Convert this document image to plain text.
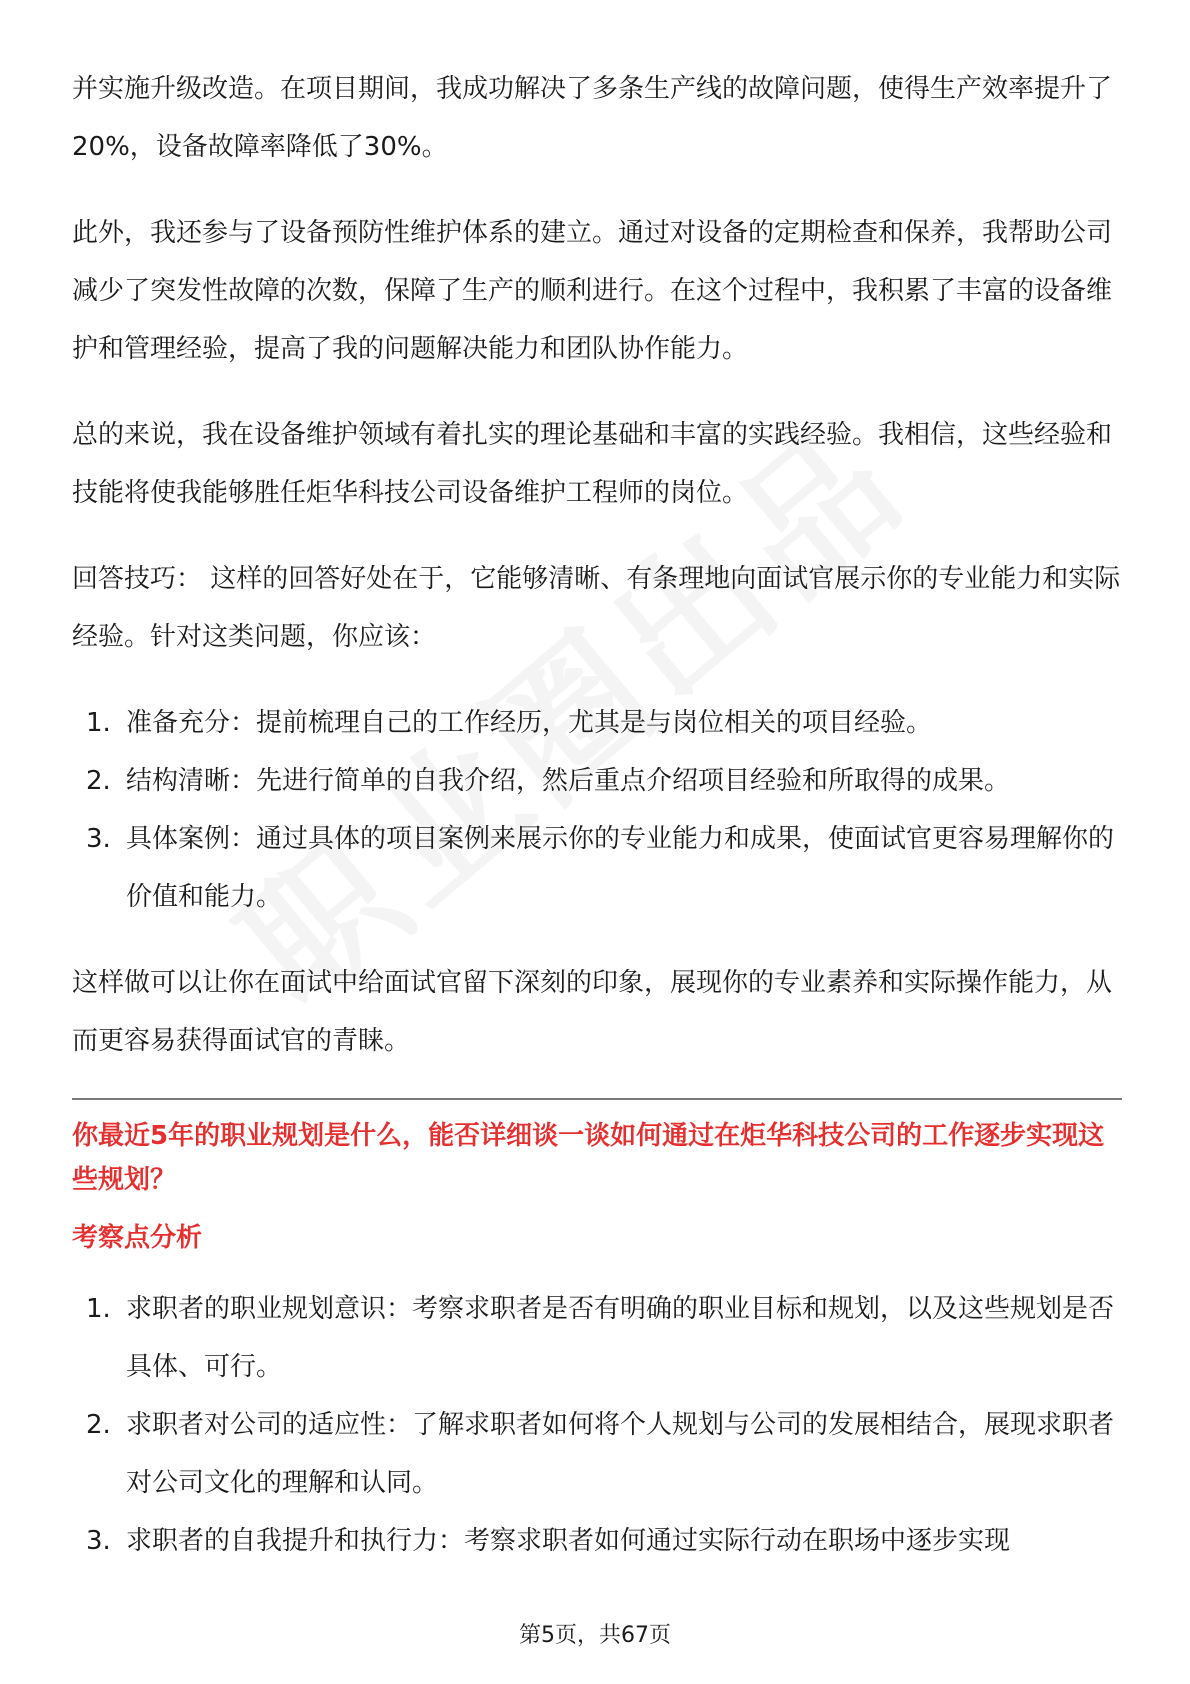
并实施升级改造。在项目期间，我成功解决了多条生产线的故障问题，使得生产效率提升了20%，设备故障率降低了30%。

此外，我还参与了设备预防性维护体系的建立。通过对设备的定期检查和保养，我帮助公司减少了突发性故障的次数，保障了生产的顺利进行。在这个过程中，我积累了丰富的设备维护和管理经验，提高了我的问题解决能力和团队协作能力。

总的来说，我在设备维护领域有着扎实的理论基础和丰富的实践经验。我相信，这些经验和技能将使我能够胜任炬华科技公司设备维护工程师的岗位。

回答技巧： 这样的回答好处在于，它能够清晰、有条理地向面试官展示你的专业能力和实际经验。针对这类问题，你应该：

1. 准备充分：提前梳理自己的工作经历，尤其是与岗位相关的项目经验。
2. 结构清晰：先进行简单的自我介绍，然后重点介绍项目经验和所取得的成果。
3. 具体案例：通过具体的项目案例来展示你的专业能力和成果，使面试官更容易理解你的价值和能力。

这样做可以让你在面试中给面试官留下深刻的印象，展现你的专业素养和实际操作能力，从而更容易获得面试官的青睐。

你最近5年的职业规划是什么，能否详细谈一谈如何通过在炬华科技公司的工作逐步实现这些规划？
考察点分析
1. 求职者的职业规划意识：考察求职者是否有明确的职业目标和规划，以及这些规划是否具体、可行。
2. 求职者对公司的适应性：了解求职者如何将个人规划与公司的发展相结合，展现求职者对公司文化的理解和认同。
3. 求职者的自我提升和执行力：考察求职者如何通过实际行动在职场中逐步实现
第5页，共67页
